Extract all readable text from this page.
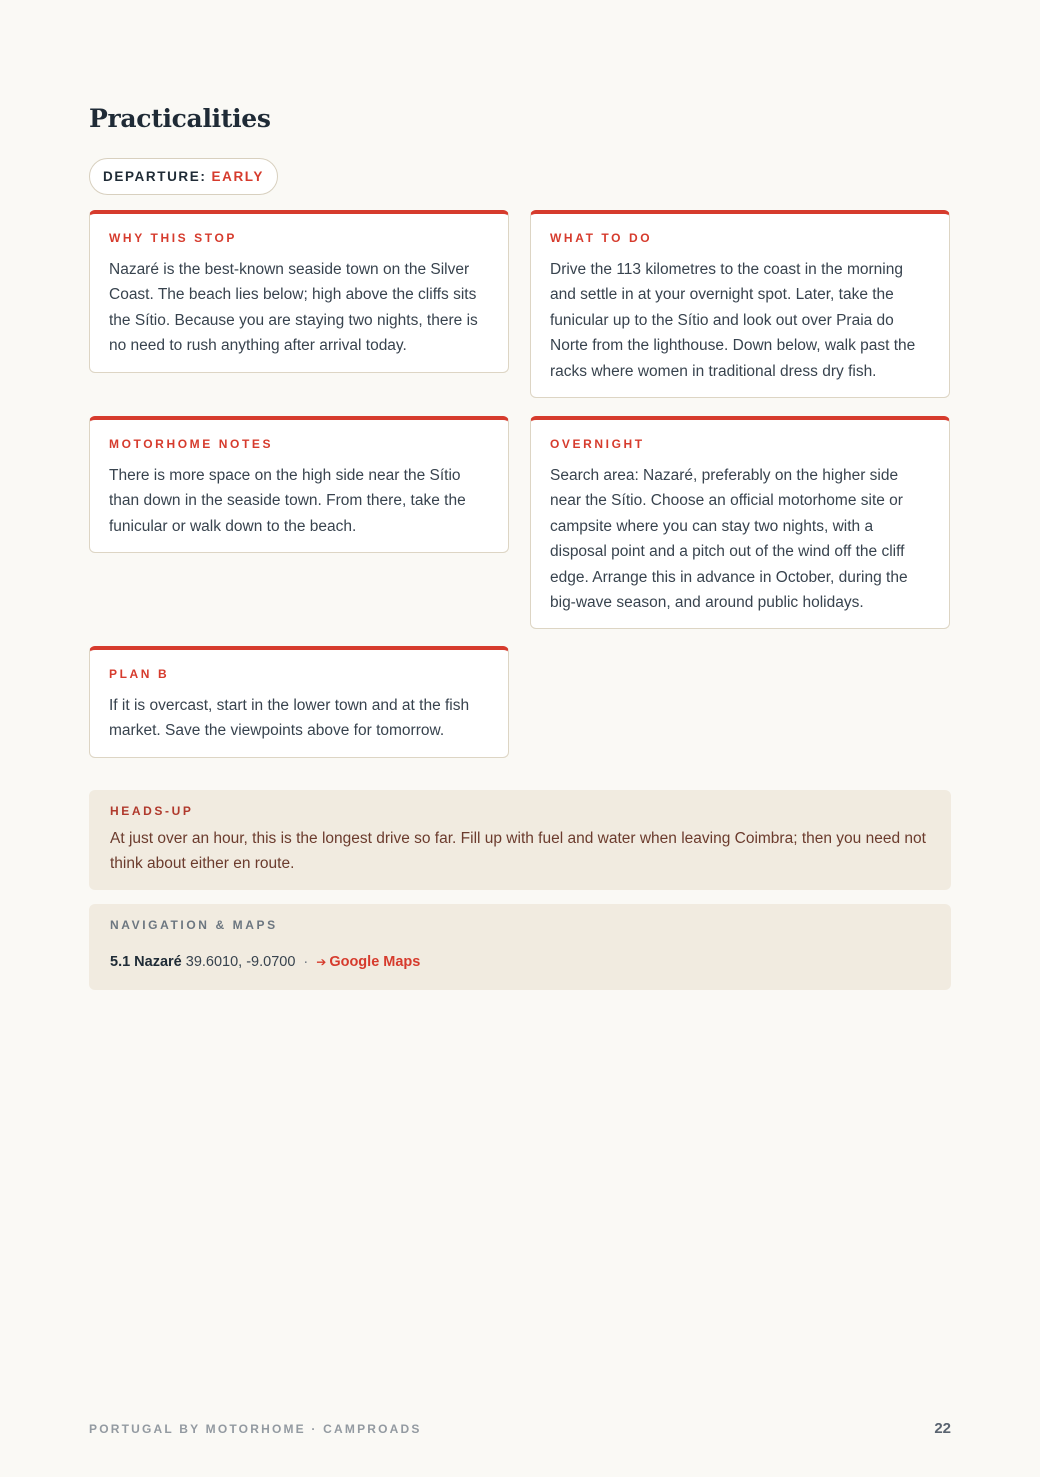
Practicalities
DEPARTURE: EARLY
WHY THIS STOP
Nazaré is the best-known seaside town on the Silver Coast. The beach lies below; high above the cliffs sits the Sítio. Because you are staying two nights, there is no need to rush anything after arrival today.
WHAT TO DO
Drive the 113 kilometres to the coast in the morning and settle in at your overnight spot. Later, take the funicular up to the Sítio and look out over Praia do Norte from the lighthouse. Down below, walk past the racks where women in traditional dress dry fish.
MOTORHOME NOTES
There is more space on the high side near the Sítio than down in the seaside town. From there, take the funicular or walk down to the beach.
OVERNIGHT
Search area: Nazaré, preferably on the higher side near the Sítio. Choose an official motorhome site or campsite where you can stay two nights, with a disposal point and a pitch out of the wind off the cliff edge. Arrange this in advance in October, during the big-wave season, and around public holidays.
PLAN B
If it is overcast, start in the lower town and at the fish market. Save the viewpoints above for tomorrow.
HEADS-UP
At just over an hour, this is the longest drive so far. Fill up with fuel and water when leaving Coimbra; then you need not think about either en route.
NAVIGATION & MAPS
5.1 Nazaré 39.6010, -9.0700 · ➔ Google Maps
PORTUGAL BY MOTORHOME · CAMPROADS	22
